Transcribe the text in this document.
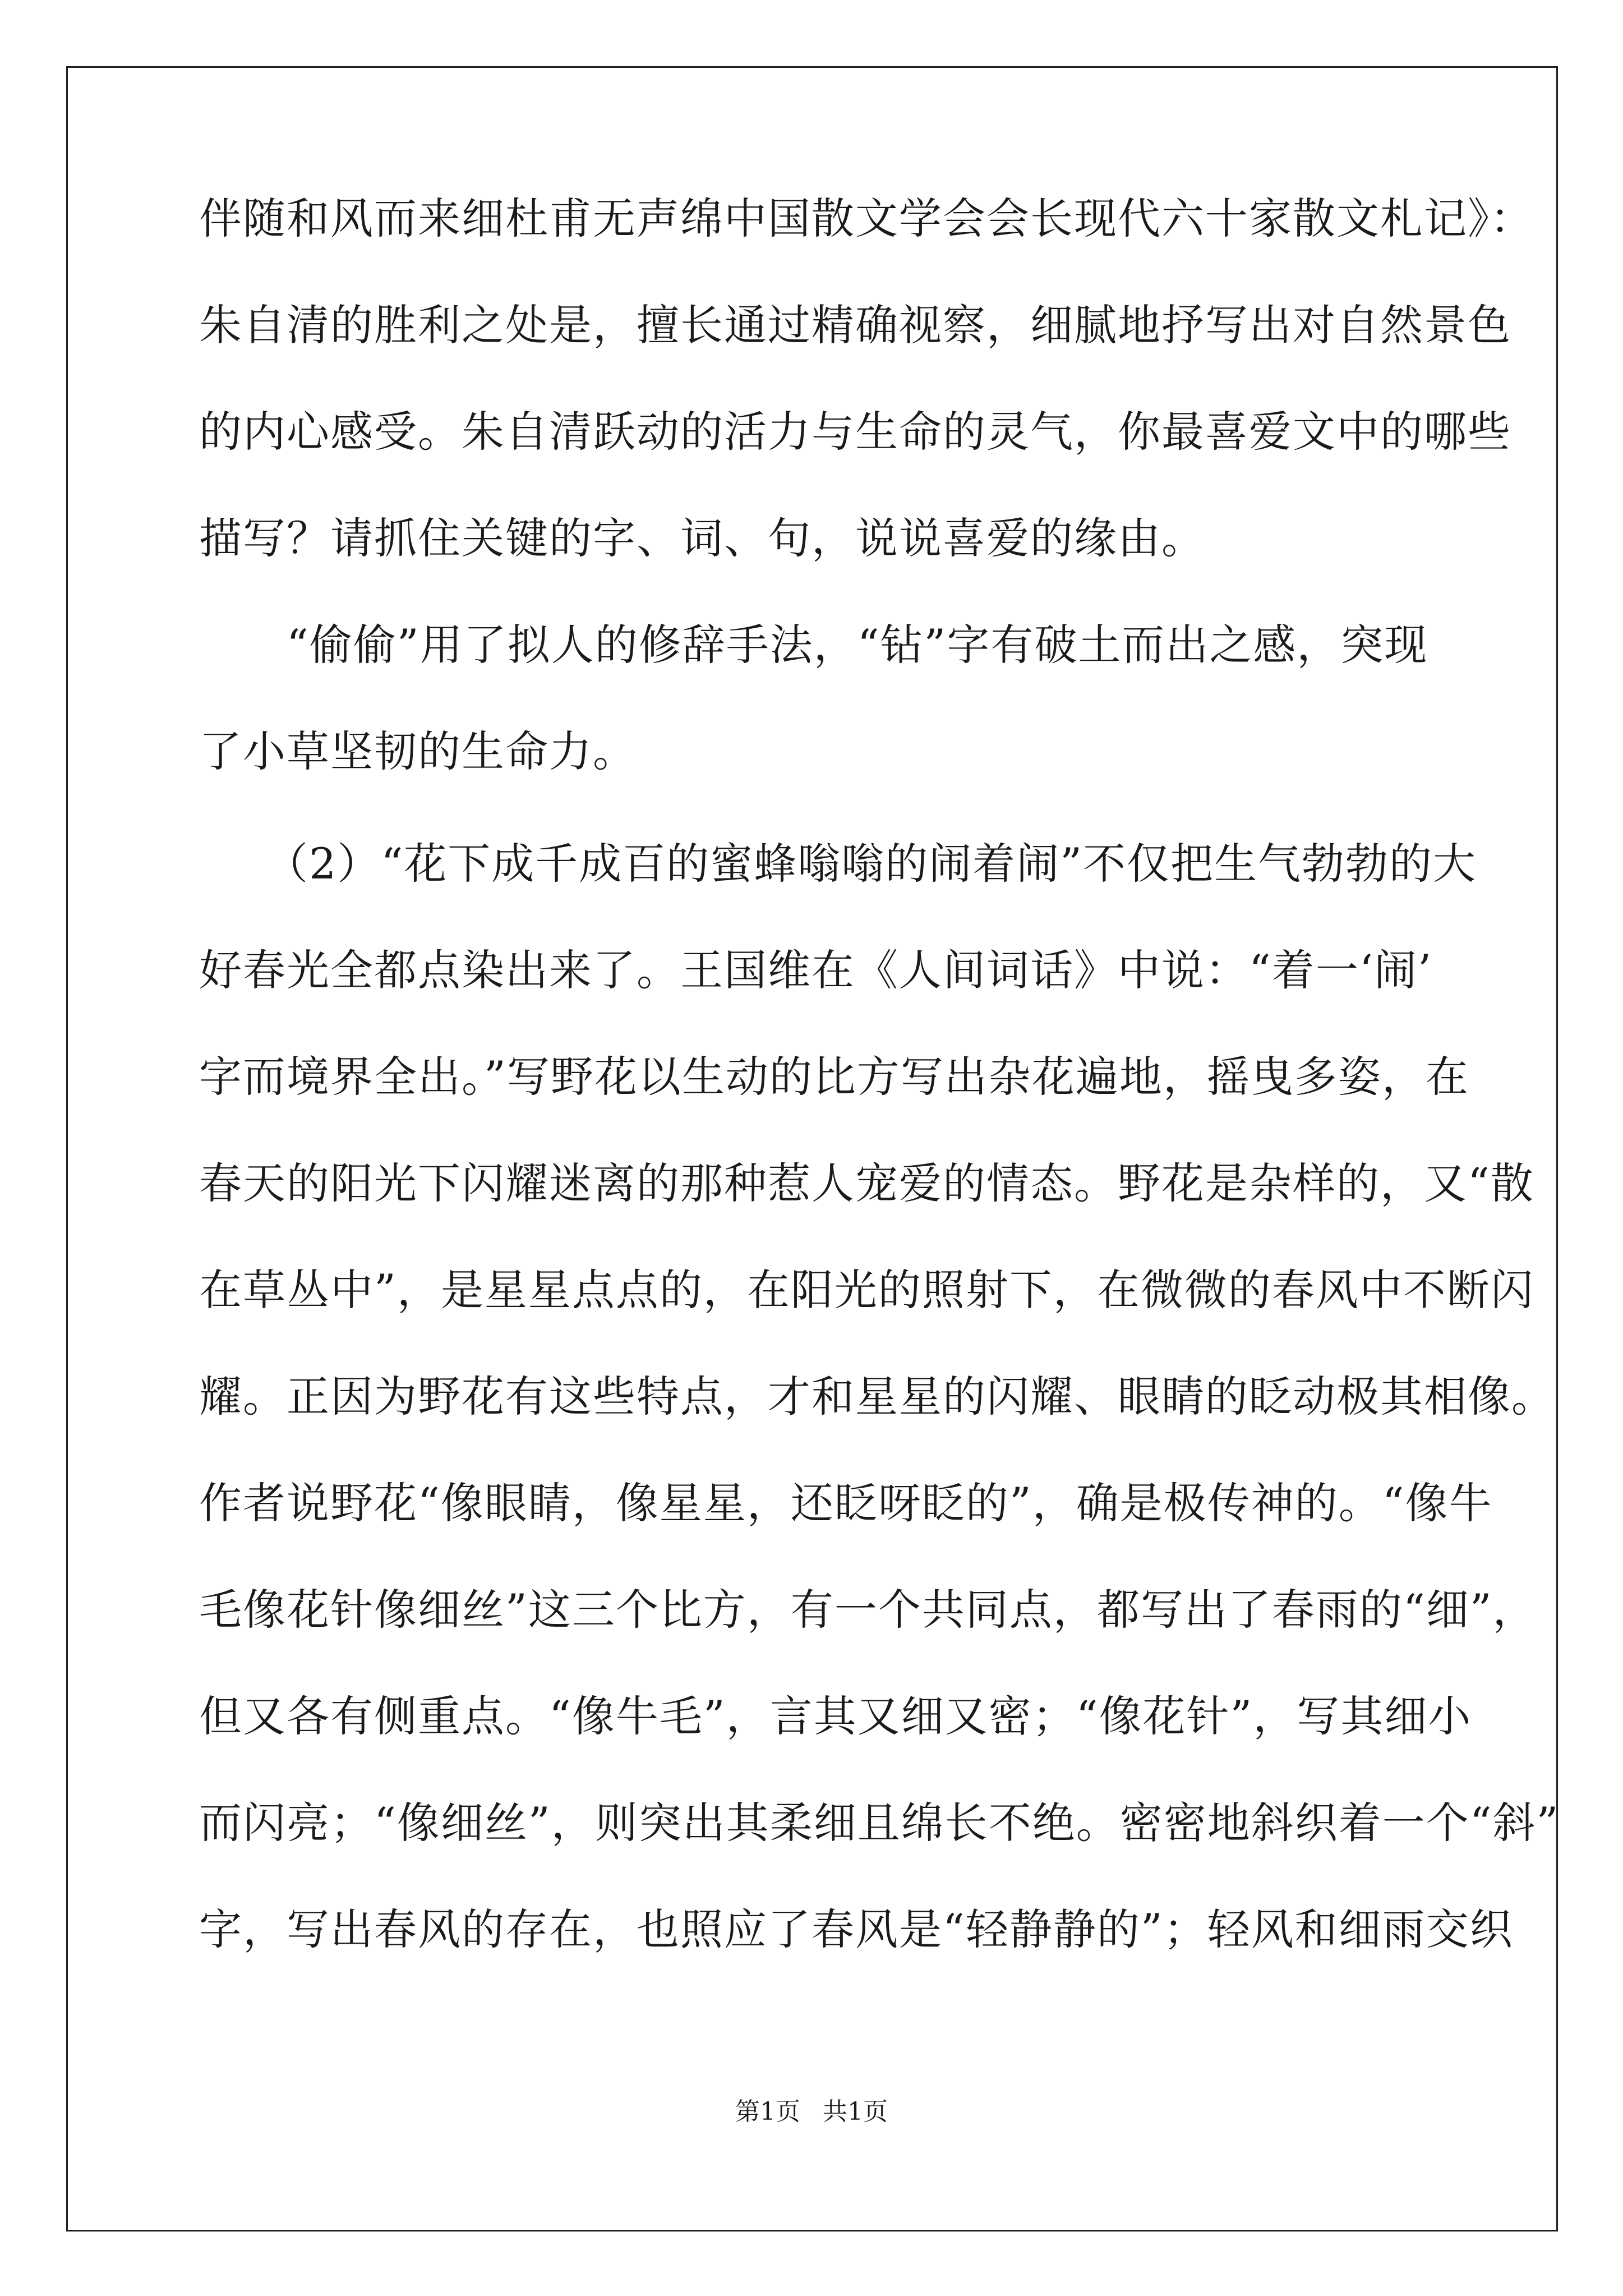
伴随和风而来细杜甫无声绵中国散文学会会长现代六十家散文札记》：
朱自清的胜利之处是，擅长通过精确视察，细腻地抒写出对自然景色
的内心感受。朱自清跃动的活力与生命的灵气，你最喜爱文中的哪些
描写？请抓住关键的字、词、句，说说喜爱的缘由。
　　“偷偷”用了拟人的修辞手法，“钻”字有破土而出之感，突现
了小草坚韧的生命力。
　　（2）“花下成千成百的蜜蜂嗡嗡的闹着闹”不仅把生气勃勃的大
好春光全都点染出来了。王国维在《人间词话》中说：“着一‘闹’
字而境界全出。”写野花以生动的比方写出杂花遍地，摇曳多姿，在
春天的阳光下闪耀迷离的那种惹人宠爱的情态。野花是杂样的，又“散
在草丛中”，是星星点点的，在阳光的照射下，在微微的春风中不断闪
耀。正因为野花有这些特点，才和星星的闪耀、眼睛的眨动极其相像。
作者说野花“像眼睛，像星星，还眨呀眨的”，确是极传神的。“像牛
毛像花针像细丝”这三个比方，有一个共同点，都写出了春雨的“细”，
但又各有侧重点。“像牛毛”，言其又细又密；“像花针”，写其细小
而闪亮；“像细丝”，则突出其柔细且绵长不绝。密密地斜织着一个“斜”
字，写出春风的存在，也照应了春风是“轻静静的”；轻风和细雨交织
第1页 共1页
